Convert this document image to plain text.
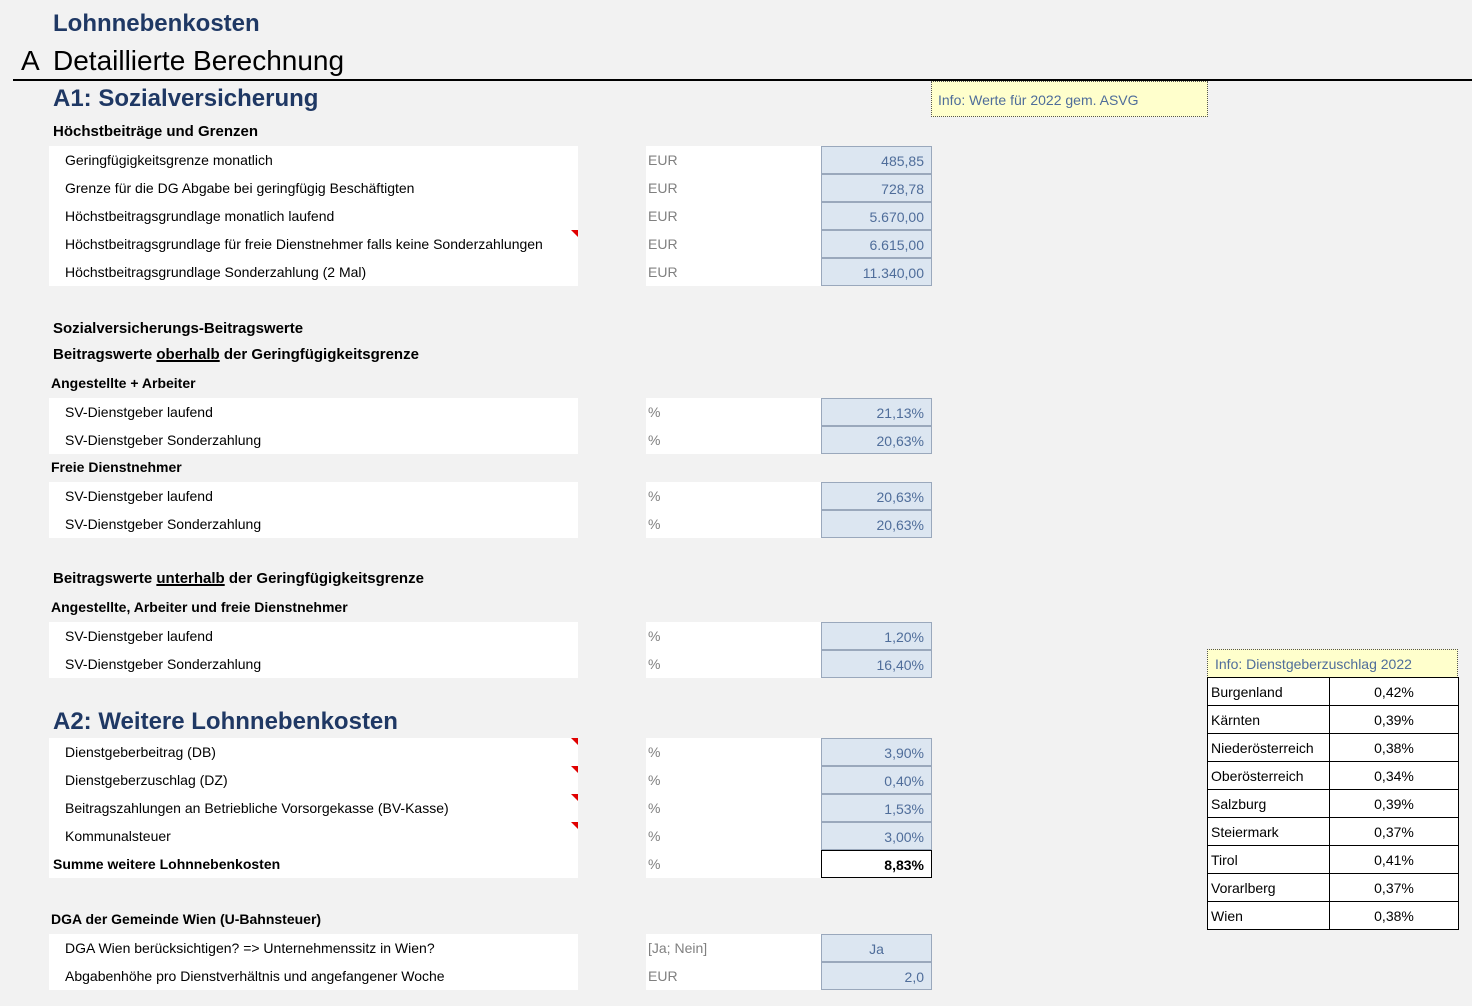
Lohnnebenkosten
A Detaillierte Berechnung
A1: Sozialversicherung	Info: Werte für 2022 gem. ASVG
Höchstbeiträge und Grenzen
Geringfügigkeitsgrenze monatlich	EUR	485,85
Grenze für die DG Abgabe bei geringfügig Beschäftigten	EUR	728,78
Höchstbeitragsgrundlage monatlich laufend	EUR	5.670,00
Höchstbeitragsgrundlage für freie Dienstnehmer falls keine Sonderzahlungen	EUR	6.615,00
Höchstbeitragsgrundlage Sonderzahlung (2 Mal)	EUR	11.340,00
Sozialversicherungs-Beitragswerte
Beitragswerte oberhalb der Geringfügigkeitsgrenze
Angestellte + Arbeiter
SV-Dienstgeber laufend	%	21,13%
SV-Dienstgeber Sonderzahlung	%	20,63%
Freie Dienstnehmer
SV-Dienstgeber laufend	%	20,63%
SV-Dienstgeber Sonderzahlung	%	20,63%
Beitragswerte unterhalb der Geringfügigkeitsgrenze
Angestellte, Arbeiter und freie Dienstnehmer
SV-Dienstgeber laufend	%	1,20%
SV-Dienstgeber Sonderzahlung	%	16,40%
A2: Weitere Lohnnebenkosten
Dienstgeberbeitrag (DB)	%	3,90%
Dienstgeberzuschlag (DZ)	%	0,40%
Beitragszahlungen an Betriebliche Vorsorgekasse (BV-Kasse)	%	1,53%
Kommunalsteuer	%	3,00%
Summe weitere Lohnnebenkosten	%	8,83%
DGA der Gemeinde Wien (U-Bahnsteuer)
DGA Wien berücksichtigen? => Unternehmenssitz in Wien?	[Ja; Nein]	Ja
Abgabenhöhe pro Dienstverhältnis und angefangener Woche	EUR	2,0
Info: Dienstgeberzuschlag 2022
Burgenland	0,42%
Kärnten	0,39%
Niederösterreich	0,38%
Oberösterreich	0,34%
Salzburg	0,39%
Steiermark	0,37%
Tirol	0,41%
Vorarlberg	0,37%
Wien	0,38%
